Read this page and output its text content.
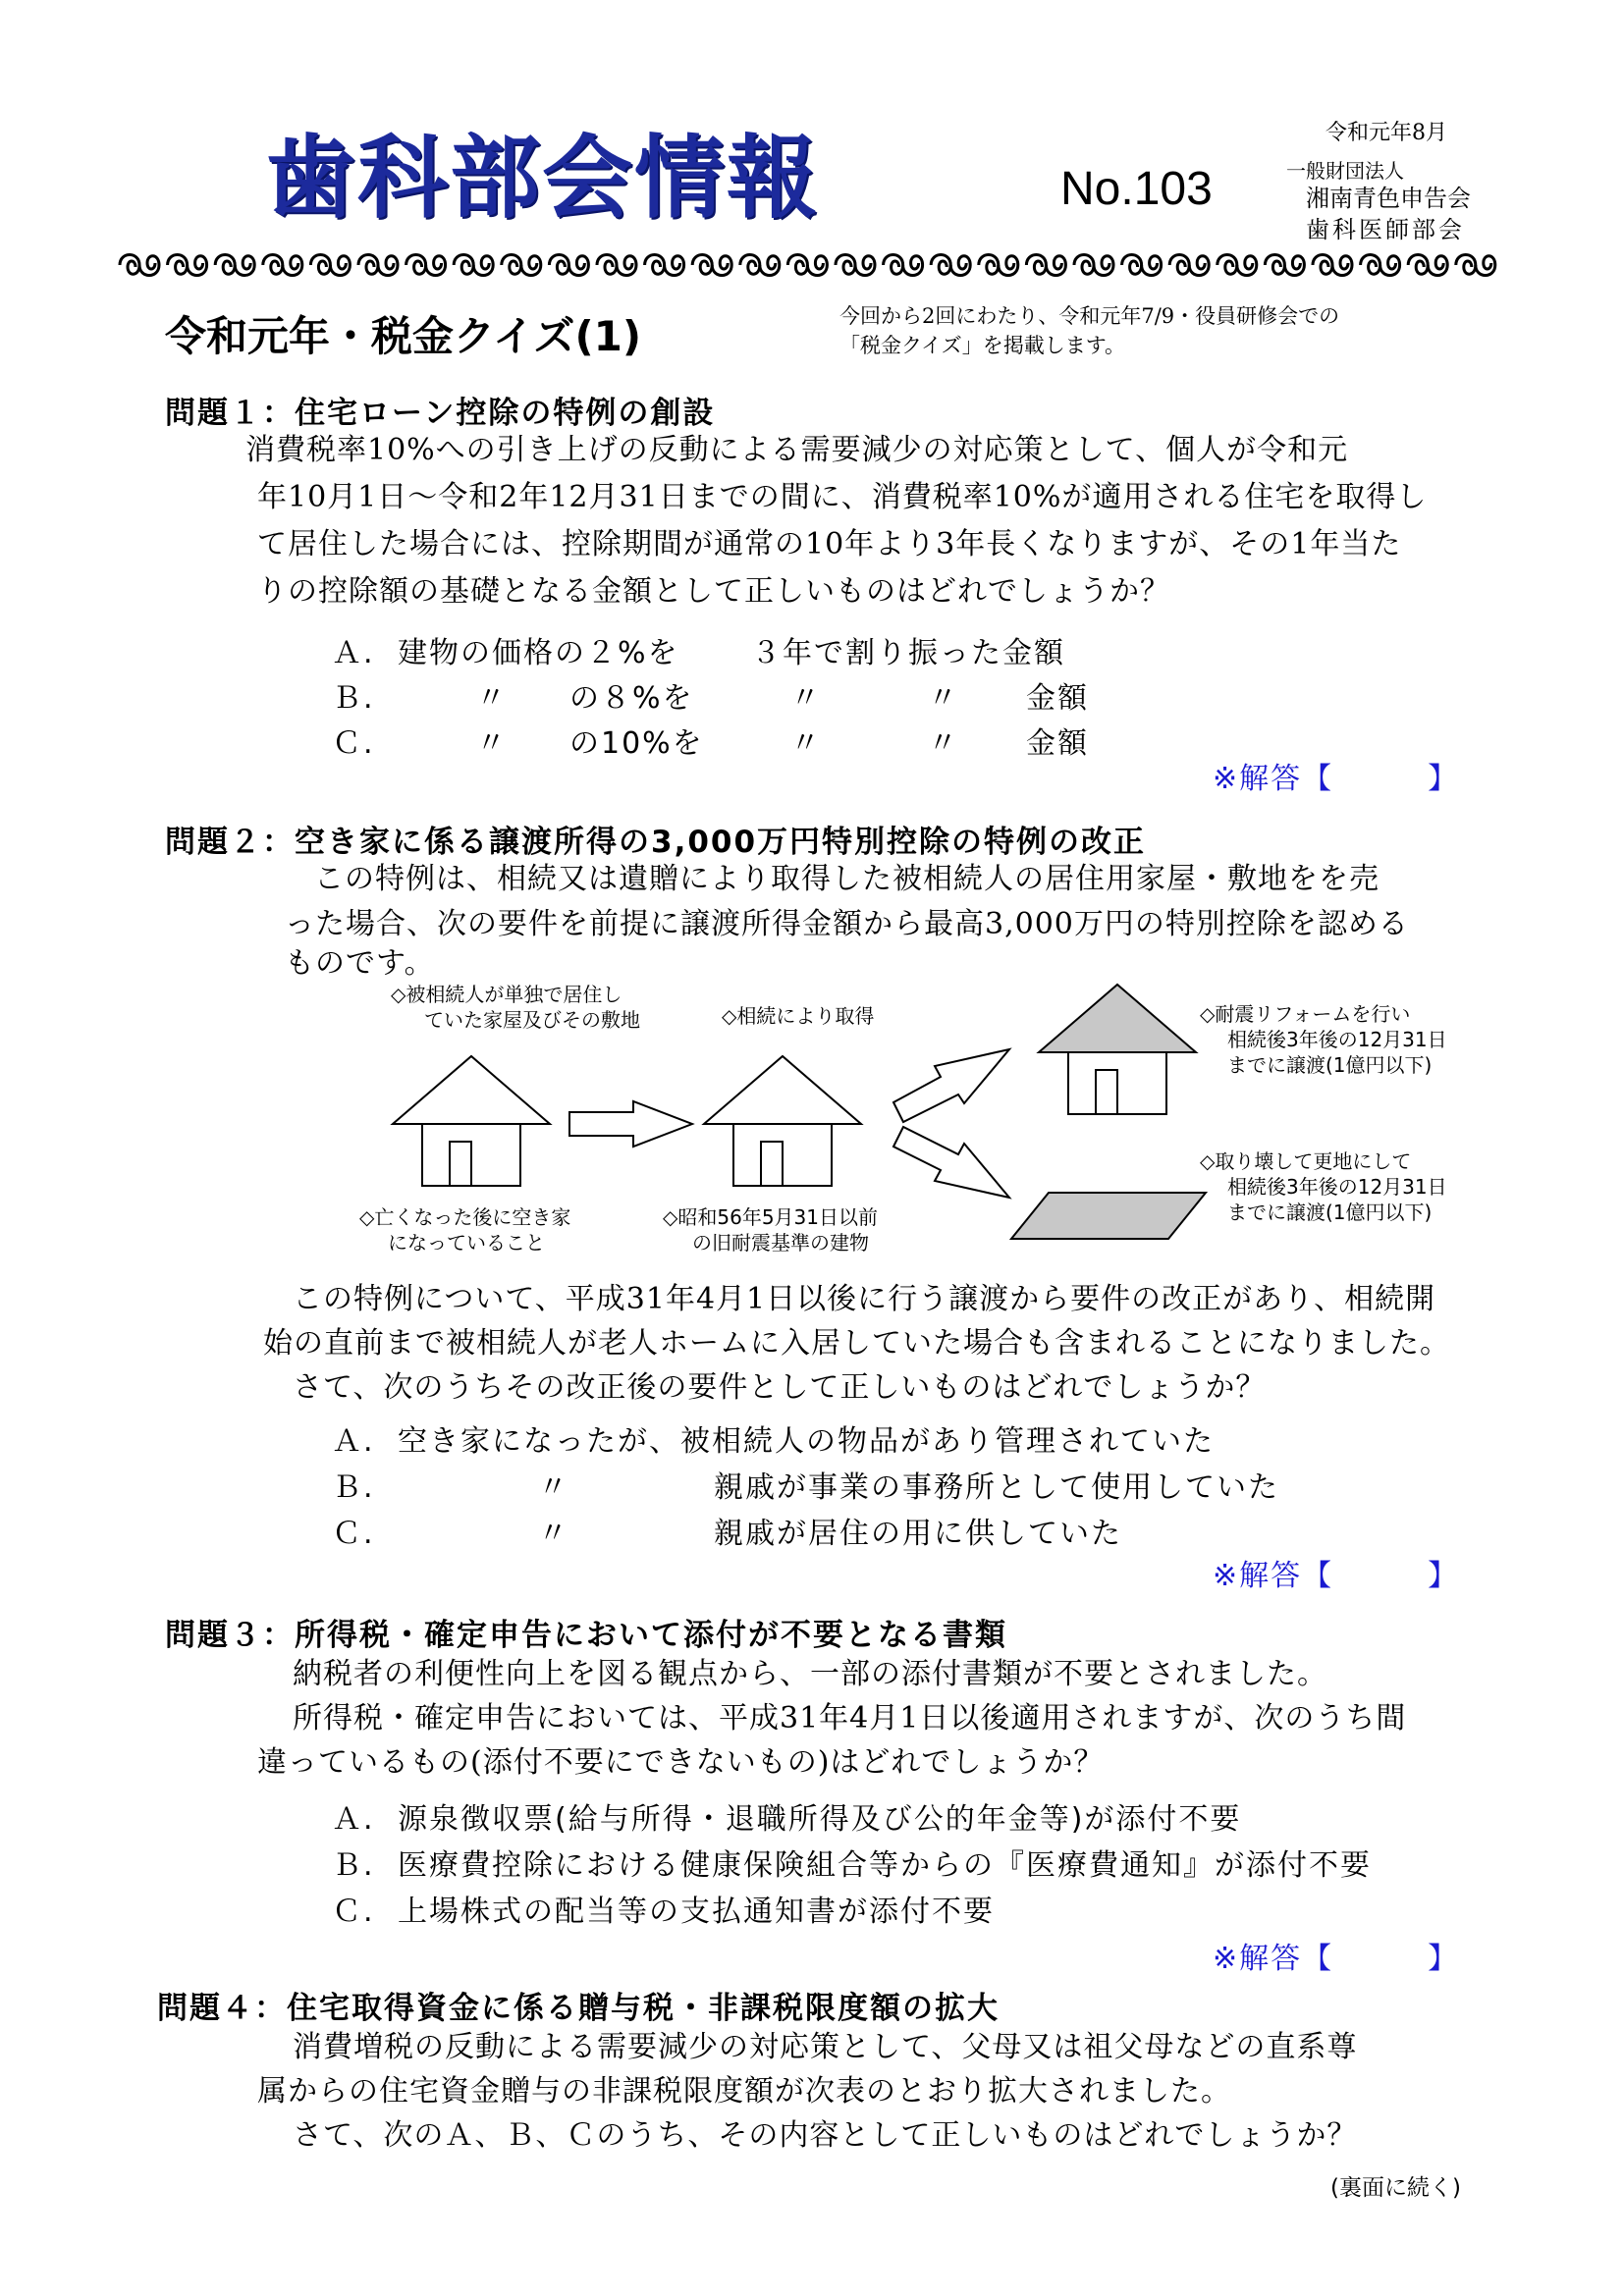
歯科部会情報	No.103
令和元年8月
一般財団法人
湘南青色申告会
歯科医師部会
令和元年・税金クイズ(1)	今回から2回にわたり、令和元年7/9・役員研修会での
「税金クイズ」を掲載します。
問題１：住宅ローン控除の特例の創設
消費税率10%への引き上げの反動による需要減少の対応策として、個人が令和元
年10月1日～令和2年12月31日までの間に、消費税率10%が適用される住宅を取得し
て居住した場合には、控除期間が通常の10年より3年長くなりますが、その1年当た
りの控除額の基礎となる金額として正しいものはどれでしょうか？
Ａ. 建物の価格の２%を ３年で割り振った金額
Ｂ.	〃 の８%を	〃	〃 金額
Ｃ.	〃 の10%を	〃	〃 金額
※解答【　　　】
問題２：空き家に係る譲渡所得の3,000万円特別控除の特例の改正
この特例は、相続又は遺贈により取得した被相続人の居住用家屋・敷地をを売
った場合、次の要件を前提に譲渡所得金額から最高3,000万円の特別控除を認める
ものです。
◇被相続人が単独で居住し
ていた家屋及びその敷地	◇相続により取得
◇亡くなった後に空き家
になっていること
◇昭和56年5月31日以前
の旧耐震基準の建物
◇耐震リフォームを行い
相続後3年後の12月31日
までに譲渡(1億円以下)
◇取り壊して更地にして
相続後3年後の12月31日
までに譲渡(1億円以下)
この特例について、平成31年4月1日以後に行う譲渡から要件の改正があり、相続開
始の直前まで被相続人が老人ホームに入居していた場合も含まれることになりました。
さて、次のうちその改正後の要件として正しいものはどれでしょうか？
Ａ. 空き家になったが、被相続人の物品があり管理されていた
Ｂ.	〃	親戚が事業の事務所として使用していた
Ｃ.	〃	親戚が居住の用に供していた
※解答【　　　】
問題３：所得税・確定申告において添付が不要となる書類
納税者の利便性向上を図る観点から、一部の添付書類が不要とされました。
所得税・確定申告においては、平成31年4月1日以後適用されますが、次のうち間
違っているもの(添付不要にできないもの)はどれでしょうか？
Ａ. 源泉徴収票(給与所得・退職所得及び公的年金等)が添付不要
Ｂ. 医療費控除における健康保険組合等からの『医療費通知』が添付不要
Ｃ. 上場株式の配当等の支払通知書が添付不要
※解答【　　　】
問題４：住宅取得資金に係る贈与税・非課税限度額の拡大
消費増税の反動による需要減少の対応策として、父母又は祖父母などの直系尊
属からの住宅資金贈与の非課税限度額が次表のとおり拡大されました。
さて、次のＡ、Ｂ、Ｃのうち、その内容として正しいものはどれでしょうか？
(裏面に続く)
